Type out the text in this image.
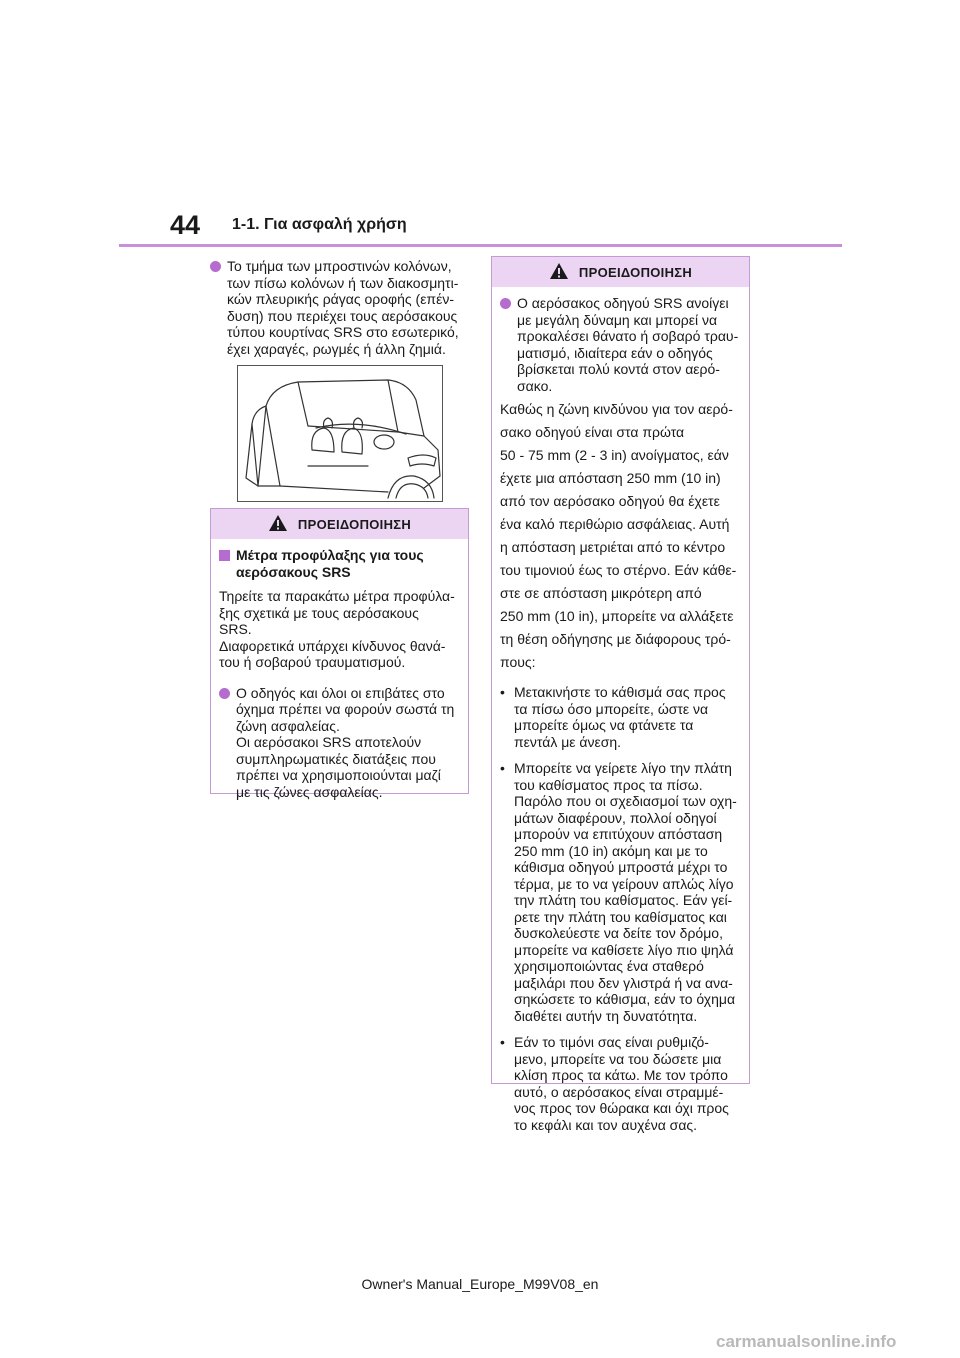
44 1-1. Για ασφαλή χρήση
Το τμήμα των μπροστινών κολόνων,
των πίσω κολόνων ή των διακοσμητι-
κών πλευρικής ράγας οροφής (επέν-
δυση) που περιέχει τους αερόσακους
τύπου κουρτίνας SRS στο εσωτερικό,
έχει χαραγές, ρωγμές ή άλλη ζημιά.
ΠΡΟΕΙΔΟΠΟΙΗΣΗ
Μέτρα προφύλαξης για τους
αερόσακους SRS
Τηρείτε τα παρακάτω μέτρα προφύλα-
ξης σχετικά με τους αερόσακους
SRS.
Διαφορετικά υπάρχει κίνδυνος θανά-
του ή σοβαρού τραυματισμού.
Ο οδηγός και όλοι οι επιβάτες στο
όχημα πρέπει να φορούν σωστά τη
ζώνη ασφαλείας.
Οι αερόσακοι SRS αποτελούν
συμπληρωματικές διατάξεις που
πρέπει να χρησιμοποιούνται μαζί
με τις ζώνες ασφαλείας.
ΠΡΟΕΙΔΟΠΟΙΗΣΗ
Ο αερόσακος οδηγού SRS ανοίγει
με μεγάλη δύναμη και μπορεί να
προκαλέσει θάνατο ή σοβαρό τραυ-
ματισμό, ιδιαίτερα εάν ο οδηγός
βρίσκεται πολύ κοντά στον αερό-
σακο.
Καθώς η ζώνη κινδύνου για τον αερό-
σακο οδηγού είναι στα πρώτα
50 - 75 mm (2 - 3 in) ανοίγματος, εάν
έχετε μια απόσταση 250 mm (10 in)
από τον αερόσακο οδηγού θα έχετε
ένα καλό περιθώριο ασφάλειας. Αυτή
η απόσταση μετριέται από το κέντρο
του τιμονιού έως το στέρνο. Εάν κάθε-
στε σε απόσταση μικρότερη από
250 mm (10 in), μπορείτε να αλλάξετε
τη θέση οδήγησης με διάφορους τρό-
πους:
• Μετακινήστε το κάθισμά σας προς
τα πίσω όσο μπορείτε, ώστε να
μπορείτε όμως να φτάνετε τα
πεντάλ με άνεση.
• Μπορείτε να γείρετε λίγο την πλάτη
του καθίσματος προς τα πίσω.
Παρόλο που οι σχεδιασμοί των οχη-
μάτων διαφέρουν, πολλοί οδηγοί
μπορούν να επιτύχουν απόσταση
250 mm (10 in) ακόμη και με το
κάθισμα οδηγού μπροστά μέχρι το
τέρμα, με το να γείρουν απλώς λίγο
την πλάτη του καθίσματος. Εάν γεί-
ρετε την πλάτη του καθίσματος και
δυσκολεύεστε να δείτε τον δρόμο,
μπορείτε να καθίσετε λίγο πιο ψηλά
χρησιμοποιώντας ένα σταθερό
μαξιλάρι που δεν γλιστρά ή να ανα-
σηκώσετε το κάθισμα, εάν το όχημα
διαθέτει αυτήν τη δυνατότητα.
• Εάν το τιμόνι σας είναι ρυθμιζό-
μενο, μπορείτε να του δώσετε μια
κλίση προς τα κάτω. Με τον τρόπο
αυτό, ο αερόσακος είναι στραμμέ-
νος προς τον θώρακα και όχι προς
το κεφάλι και τον αυχένα σας.
Owner's Manual_Europe_M99V08_en
carmanualsonline.info
